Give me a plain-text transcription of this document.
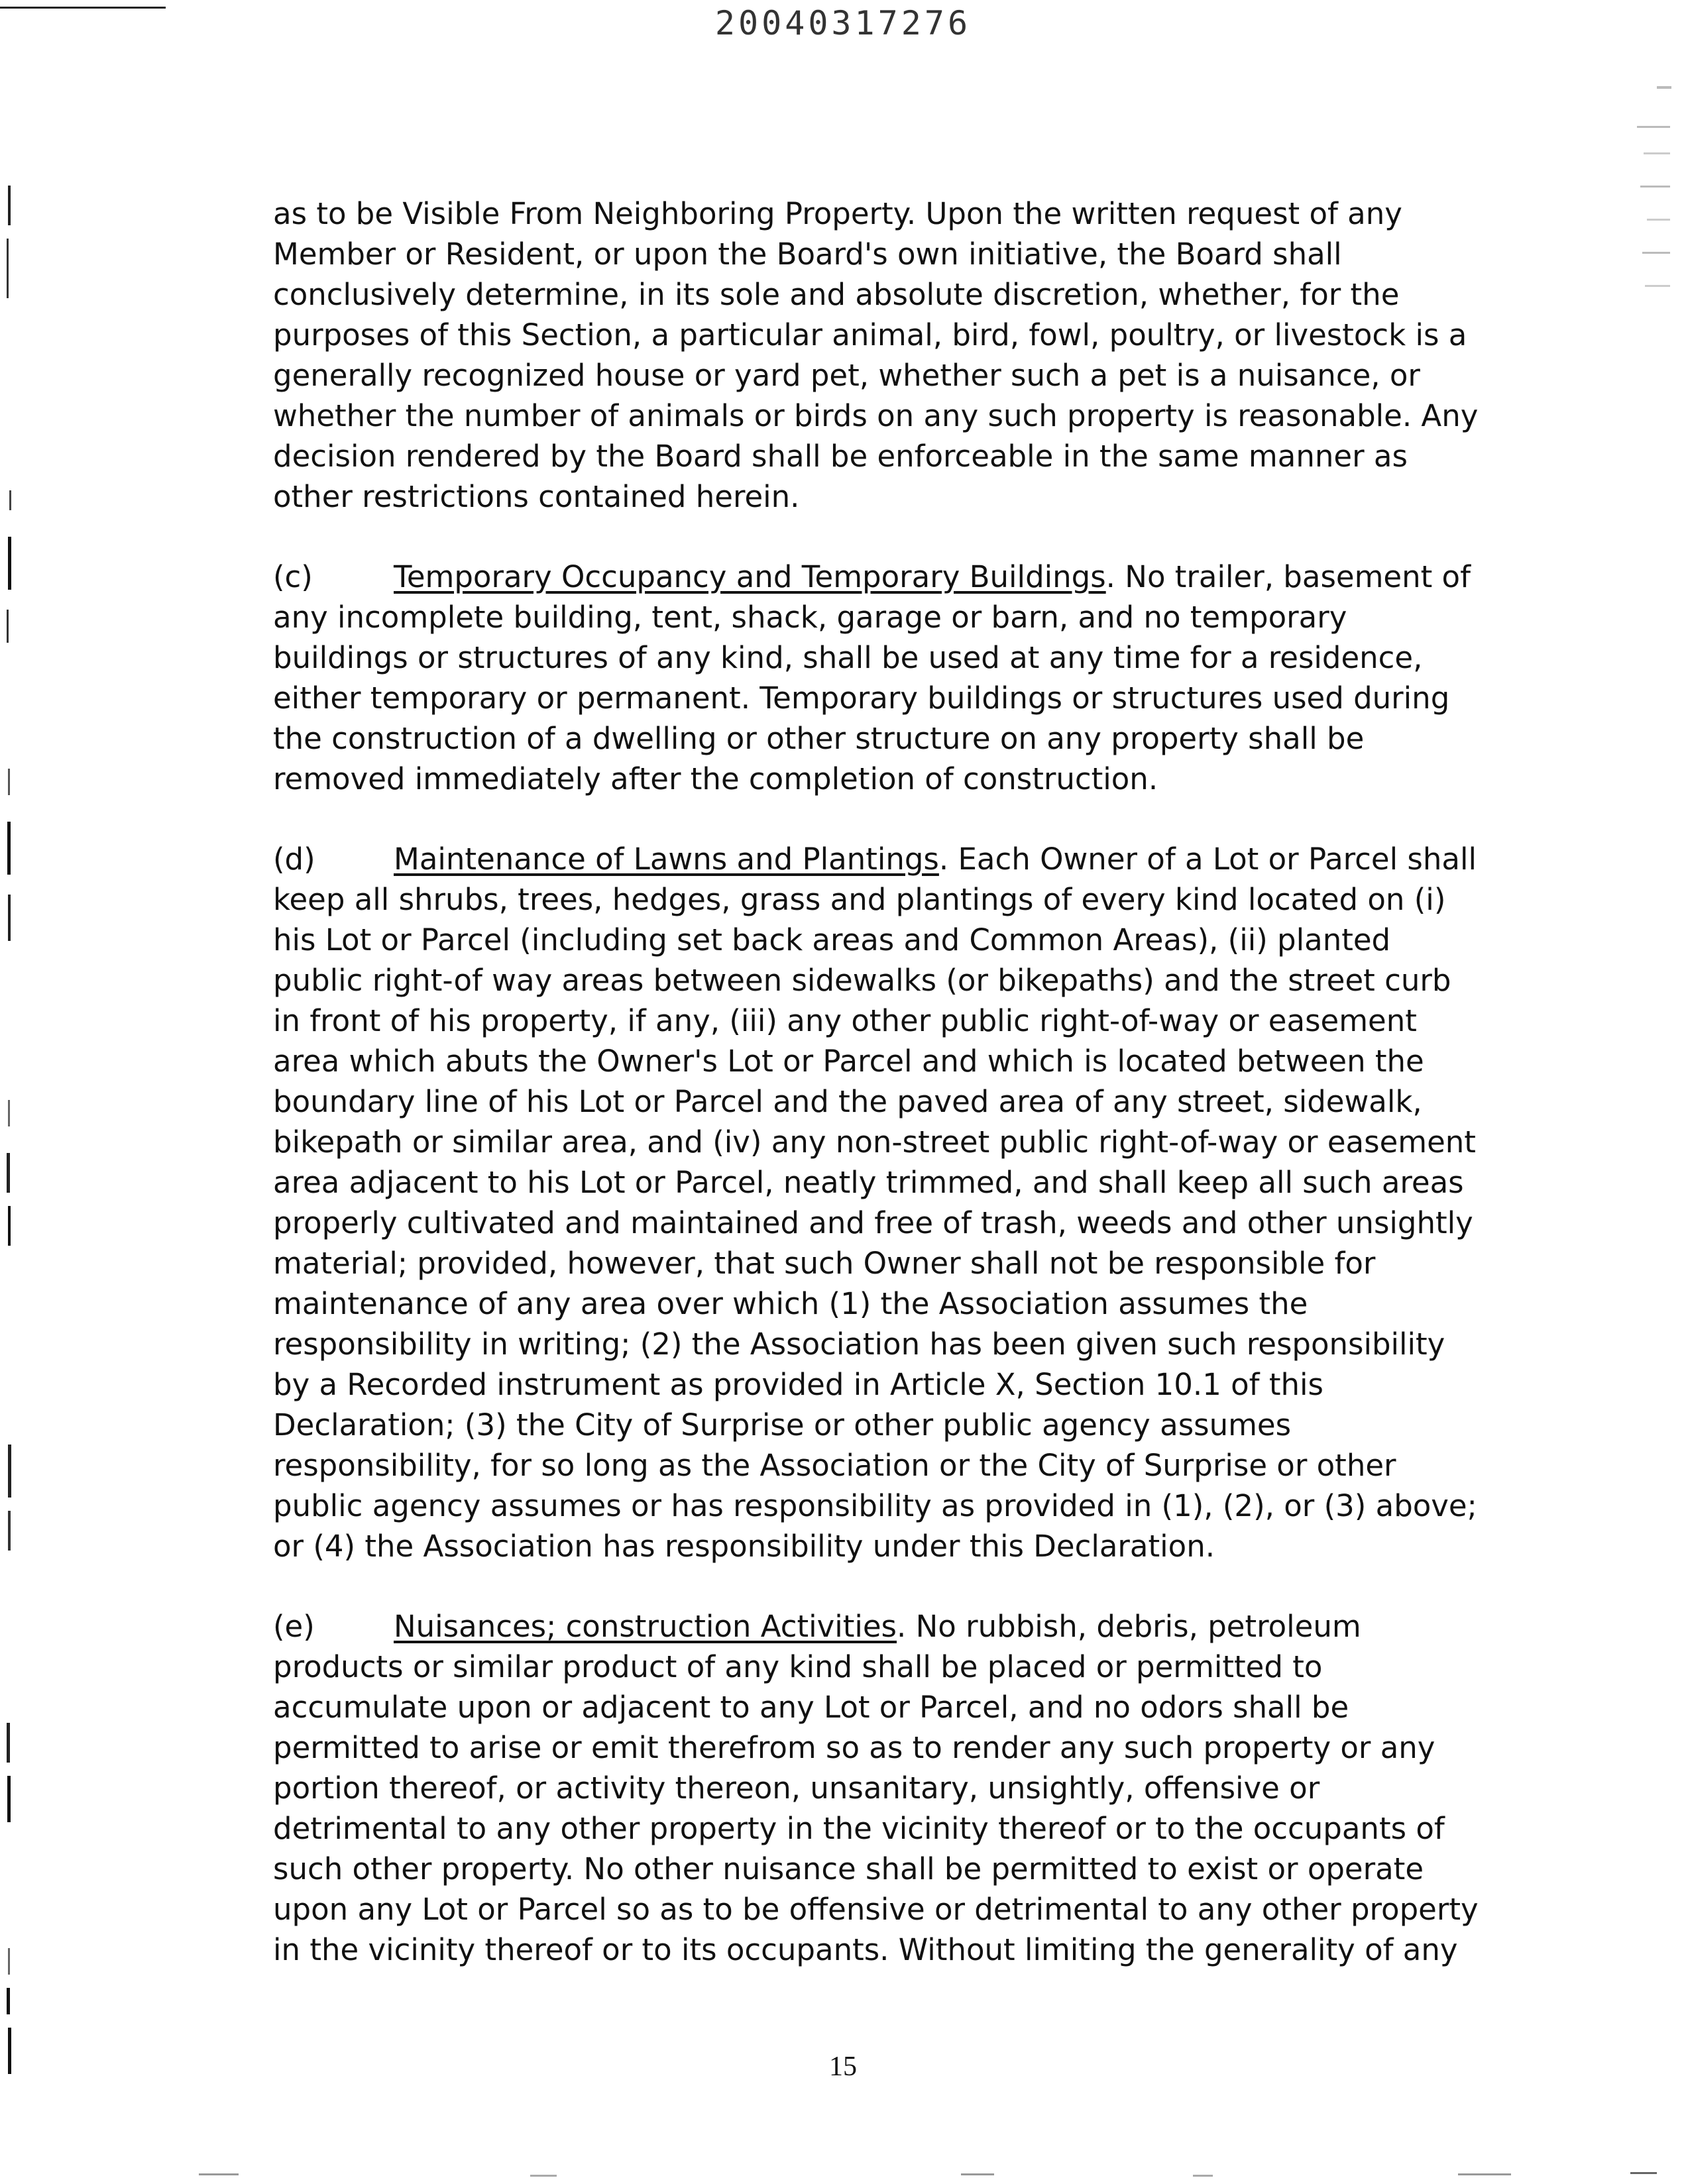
20040317276

as to be Visible From Neighboring Property. Upon the written request of any Member or Resident, or upon the Board's own initiative, the Board shall conclusively determine, in its sole and absolute discretion, whether, for the purposes of this Section, a particular animal, bird, fowl, poultry, or livestock is a generally recognized house or yard pet, whether such a pet is a nuisance, or whether the number of animals or birds on any such property is reasonable. Any decision rendered by the Board shall be enforceable in the same manner as other restrictions contained herein.

(c)	Temporary Occupancy and Temporary Buildings. No trailer, basement of any incomplete building, tent, shack, garage or barn, and no temporary buildings or structures of any kind, shall be used at any time for a residence, either temporary or permanent. Temporary buildings or structures used during the construction of a dwelling or other structure on any property shall be removed immediately after the completion of construction.

(d)	Maintenance of Lawns and Plantings. Each Owner of a Lot or Parcel shall keep all shrubs, trees, hedges, grass and plantings of every kind located on (i) his Lot or Parcel (including set back areas and Common Areas), (ii) planted public right-of way areas between sidewalks (or bikepaths) and the street curb in front of his property, if any, (iii) any other public right-of-way or easement area which abuts the Owner's Lot or Parcel and which is located between the boundary line of his Lot or Parcel and the paved area of any street, sidewalk, bikepath or similar area, and (iv) any non-street public right-of-way or easement area adjacent to his Lot or Parcel, neatly trimmed, and shall keep all such areas properly cultivated and maintained and free of trash, weeds and other unsightly material; provided, however, that such Owner shall not be responsible for maintenance of any area over which (1) the Association assumes the responsibility in writing; (2) the Association has been given such responsibility by a Recorded instrument as provided in Article X, Section 10.1 of this Declaration; (3) the City of Surprise or other public agency assumes responsibility, for so long as the Association or the City of Surprise or other public agency assumes or has responsibility as provided in (1), (2), or (3) above; or (4) the Association has responsibility under this Declaration.

(e)	Nuisances; construction Activities. No rubbish, debris, petroleum products or similar product of any kind shall be placed or permitted to accumulate upon or adjacent to any Lot or Parcel, and no odors shall be permitted to arise or emit therefrom so as to render any such property or any portion thereof, or activity thereon, unsanitary, unsightly, offensive or detrimental to any other property in the vicinity thereof or to the occupants of such other property. No other nuisance shall be permitted to exist or operate upon any Lot or Parcel so as to be offensive or detrimental to any other property in the vicinity thereof or to its occupants. Without limiting the generality of any

15
